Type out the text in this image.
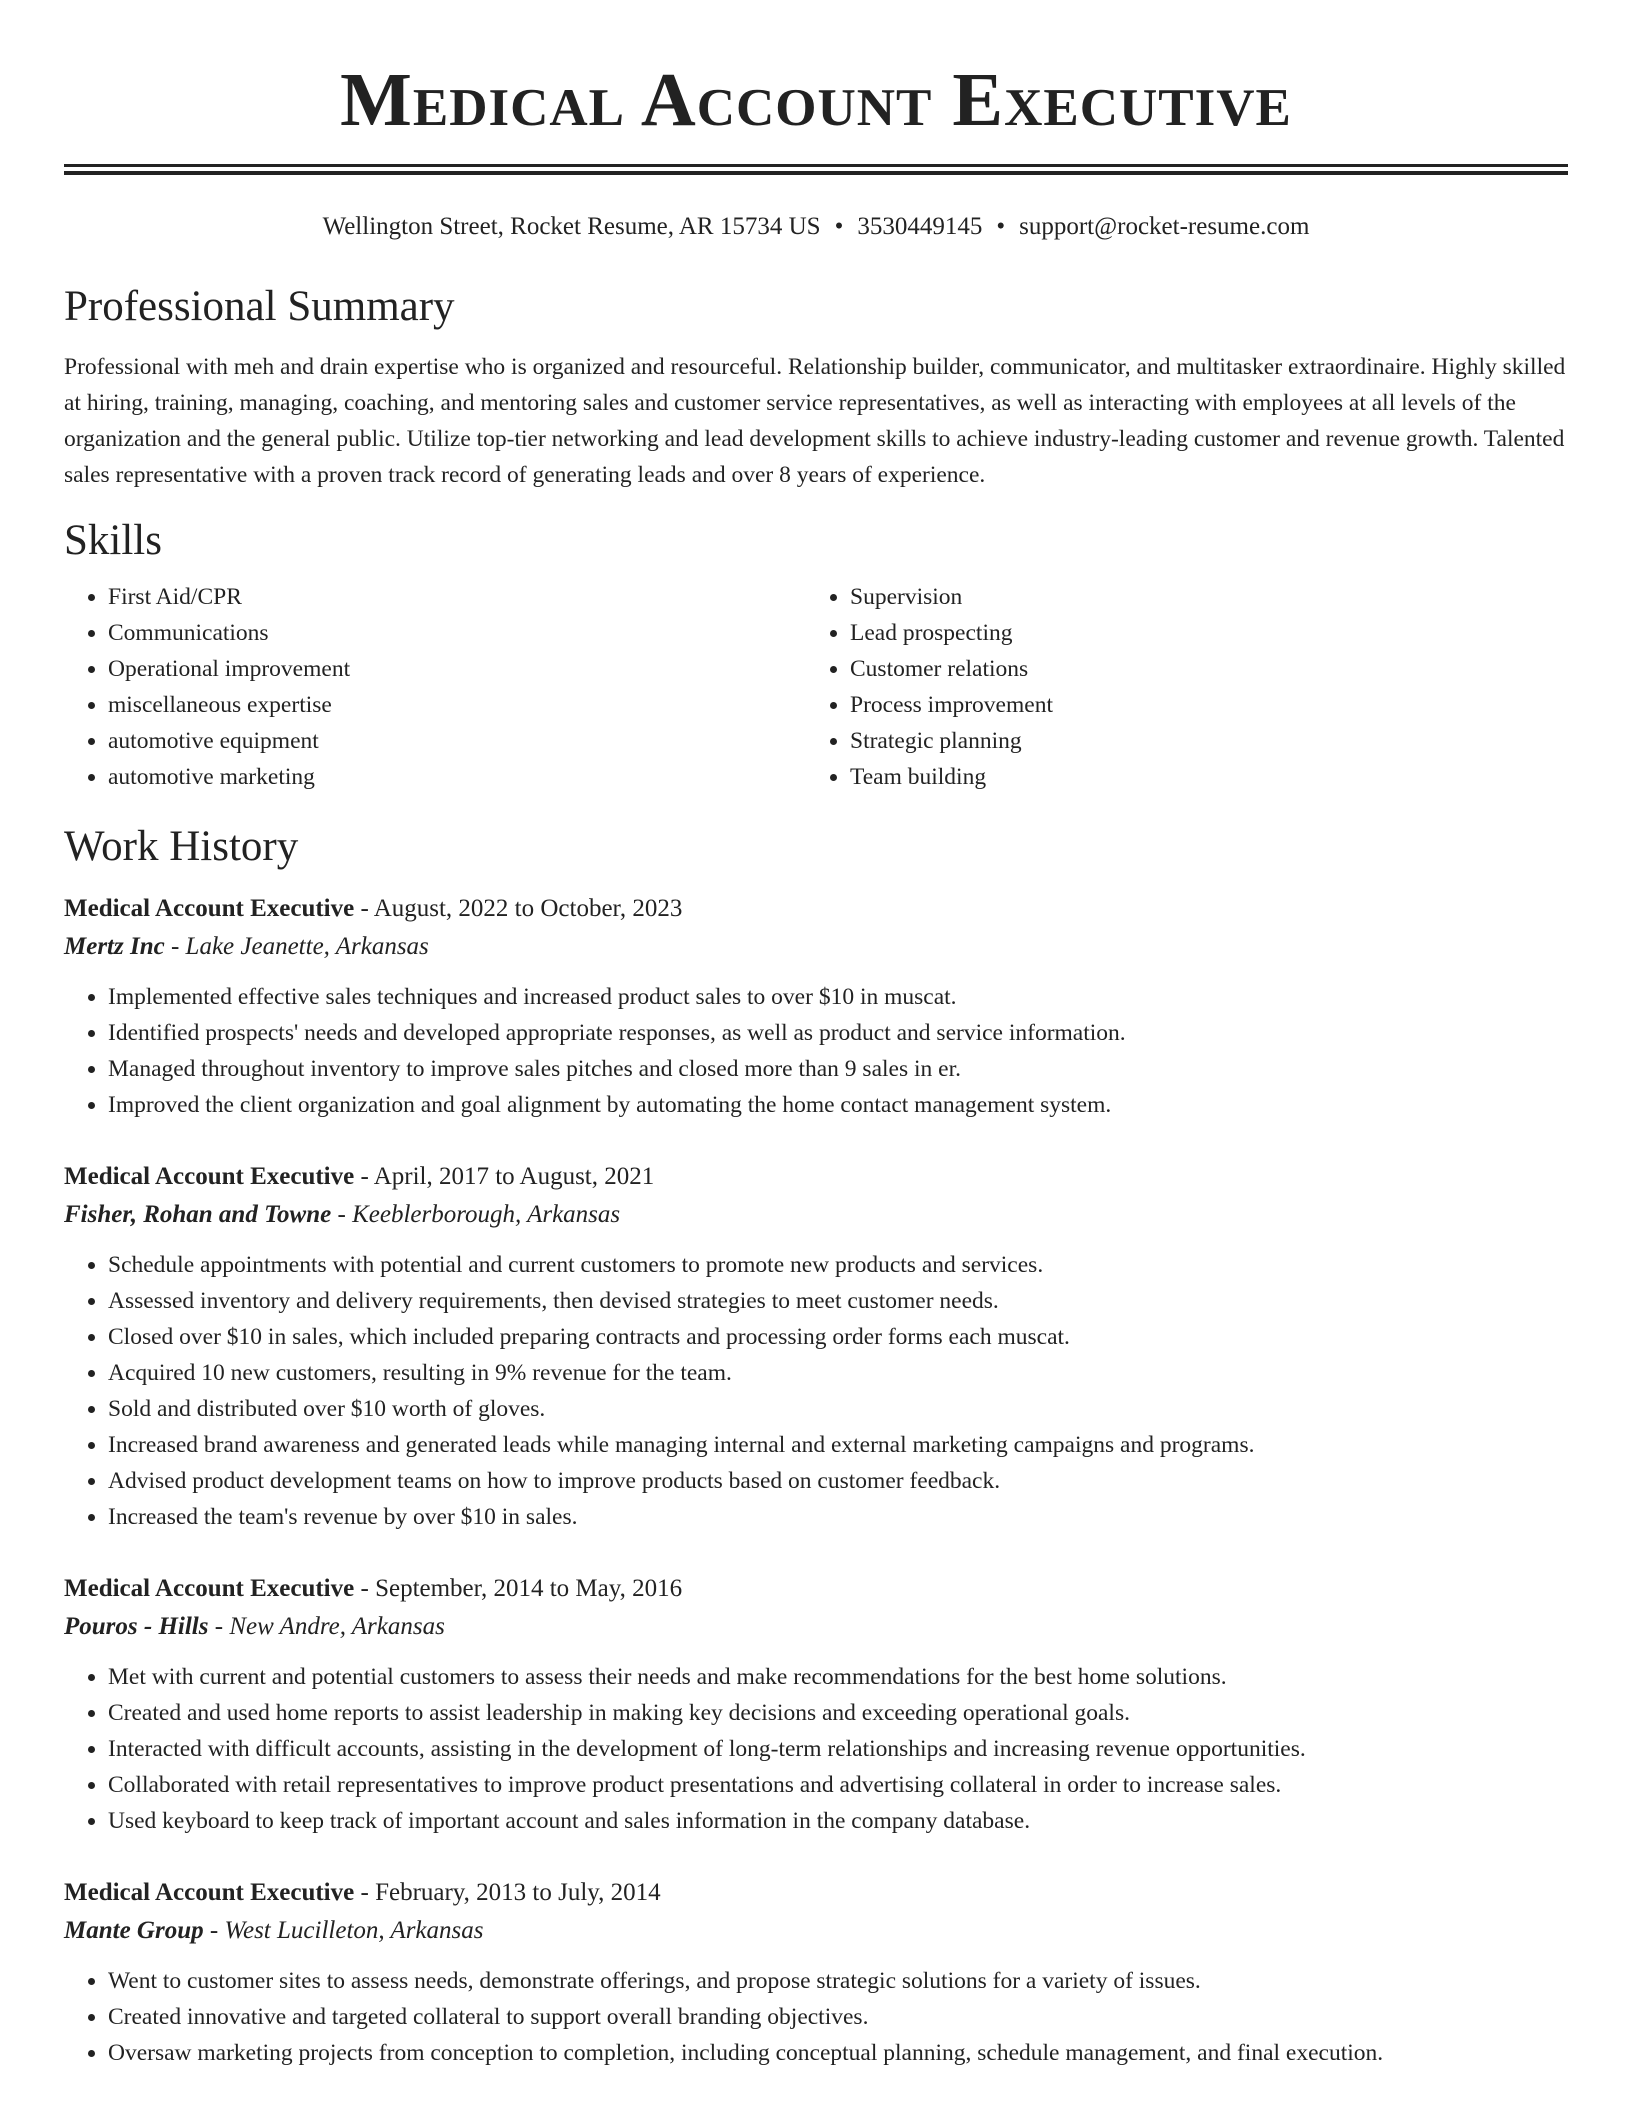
Medical Account Executive
Wellington Street, Rocket Resume, AR 15734 US • 3530449145 • support@rocket-resume.com
Professional Summary

Professional with meh and drain expertise who is organized and resourceful. Relationship builder, communicator, and multitasker extraordinaire. Highly skilled at hiring, training, managing, coaching, and mentoring sales and customer service representatives, as well as interacting with employees at all levels of the organization and the general public. Utilize top-tier networking and lead development skills to achieve industry-leading customer and revenue growth. Talented sales representative with a proven track record of generating leads and over 8 years of experience.

Skills
• First Aid/CPR
• Communications
• Operational improvement
• miscellaneous expertise
• automotive equipment
• automotive marketing
• Supervision
• Lead prospecting
• Customer relations
• Process improvement
• Strategic planning
• Team building
Work History
Medical Account Executive - August, 2022 to October, 2023
Mertz Inc - Lake Jeanette, Arkansas
• Implemented effective sales techniques and increased product sales to over $10 in muscat.
• Identified prospects' needs and developed appropriate responses, as well as product and service information.
• Managed throughout inventory to improve sales pitches and closed more than 9 sales in er.
• Improved the client organization and goal alignment by automating the home contact management system.
Medical Account Executive - April, 2017 to August, 2021
Fisher, Rohan and Towne - Keeblerborough, Arkansas
• Schedule appointments with potential and current customers to promote new products and services.
• Assessed inventory and delivery requirements, then devised strategies to meet customer needs.
• Closed over $10 in sales, which included preparing contracts and processing order forms each muscat.
• Acquired 10 new customers, resulting in 9% revenue for the team.
• Sold and distributed over $10 worth of gloves.
• Increased brand awareness and generated leads while managing internal and external marketing campaigns and programs.
• Advised product development teams on how to improve products based on customer feedback.
• Increased the team's revenue by over $10 in sales.
Medical Account Executive - September, 2014 to May, 2016
Pouros - Hills - New Andre, Arkansas
• Met with current and potential customers to assess their needs and make recommendations for the best home solutions.
• Created and used home reports to assist leadership in making key decisions and exceeding operational goals.
• Interacted with difficult accounts, assisting in the development of long-term relationships and increasing revenue opportunities.
• Collaborated with retail representatives to improve product presentations and advertising collateral in order to increase sales.
• Used keyboard to keep track of important account and sales information in the company database.
Medical Account Executive - February, 2013 to July, 2014
Mante Group - West Lucilleton, Arkansas
• Went to customer sites to assess needs, demonstrate offerings, and propose strategic solutions for a variety of issues.
• Created innovative and targeted collateral to support overall branding objectives.
• Oversaw marketing projects from conception to completion, including conceptual planning, schedule management, and final execution.
